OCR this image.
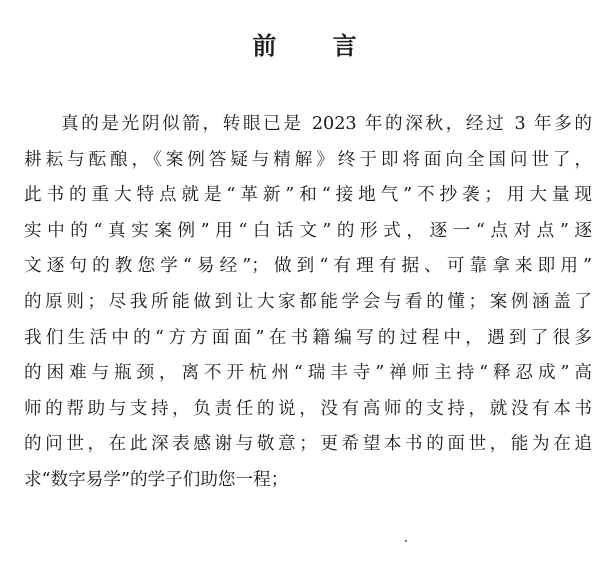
前 言
真的是光阴似箭，转眼已是 2023 年的深秋，经过 3 年多的
耕耘与酝酿，《案例答疑与精解》终于即将面向全国问世了，
此书的重大特点就是“革新”和“接地气”不抄袭；用大量现
实中的“真实案例”用“白话文”的形式，逐一“点对点”逐
文逐句的教您学“易经”；做到“有理有据、可靠拿来即用”
的原则；尽我所能做到让大家都能学会与看的懂；案例涵盖了
我们生活中的“方方面面”在书籍编写的过程中，遇到了很多
的困难与瓶颈，离不开杭州“瑞丰寺”禅师主持“释忍成”高
师的帮助与支持，负责任的说，没有高师的支持，就没有本书
的问世，在此深表感谢与敬意；更希望本书的面世，能为在追
求“数字易学”的学子们助您一程；
